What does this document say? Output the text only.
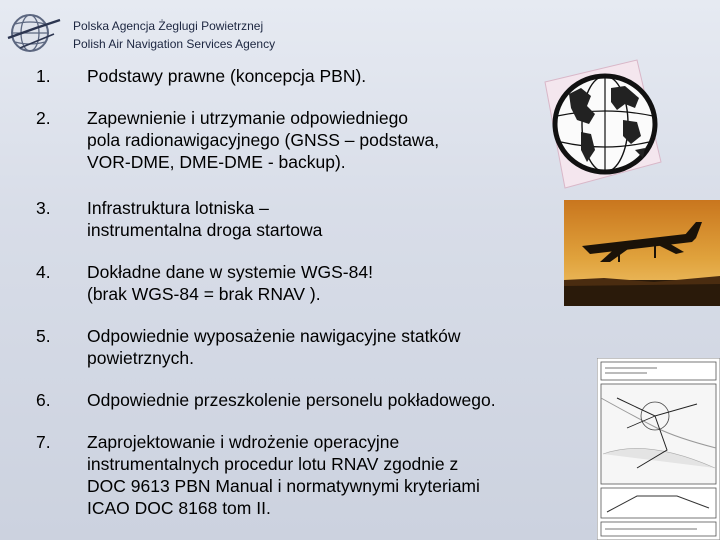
Polska Agencja Żeglugi Powietrznej
Polish Air Navigation Services Agency
1.	Podstawy prawne (koncepcja PBN).
2.	Zapewnienie i utrzymanie odpowiedniego
pola radionawigacyjnego (GNSS – podstawa,
VOR-DME, DME-DME - backup).
3.	Infrastruktura lotniska –
instrumentalna droga startowa
4.	Dokładne dane w systemie WGS-84!
(brak WGS-84 = brak RNAV ).
5.	Odpowiednie wyposażenie nawigacyjne statków
powietrznych.
6.	Odpowiednie przeszkolenie personelu pokładowego.
7.	Zaprojektowanie i wdrożenie operacyjne
instrumentalnych procedur lotu RNAV zgodnie z
DOC 9613 PBN Manual i normatywnymi kryteriami
ICAO DOC 8168 tom II.
